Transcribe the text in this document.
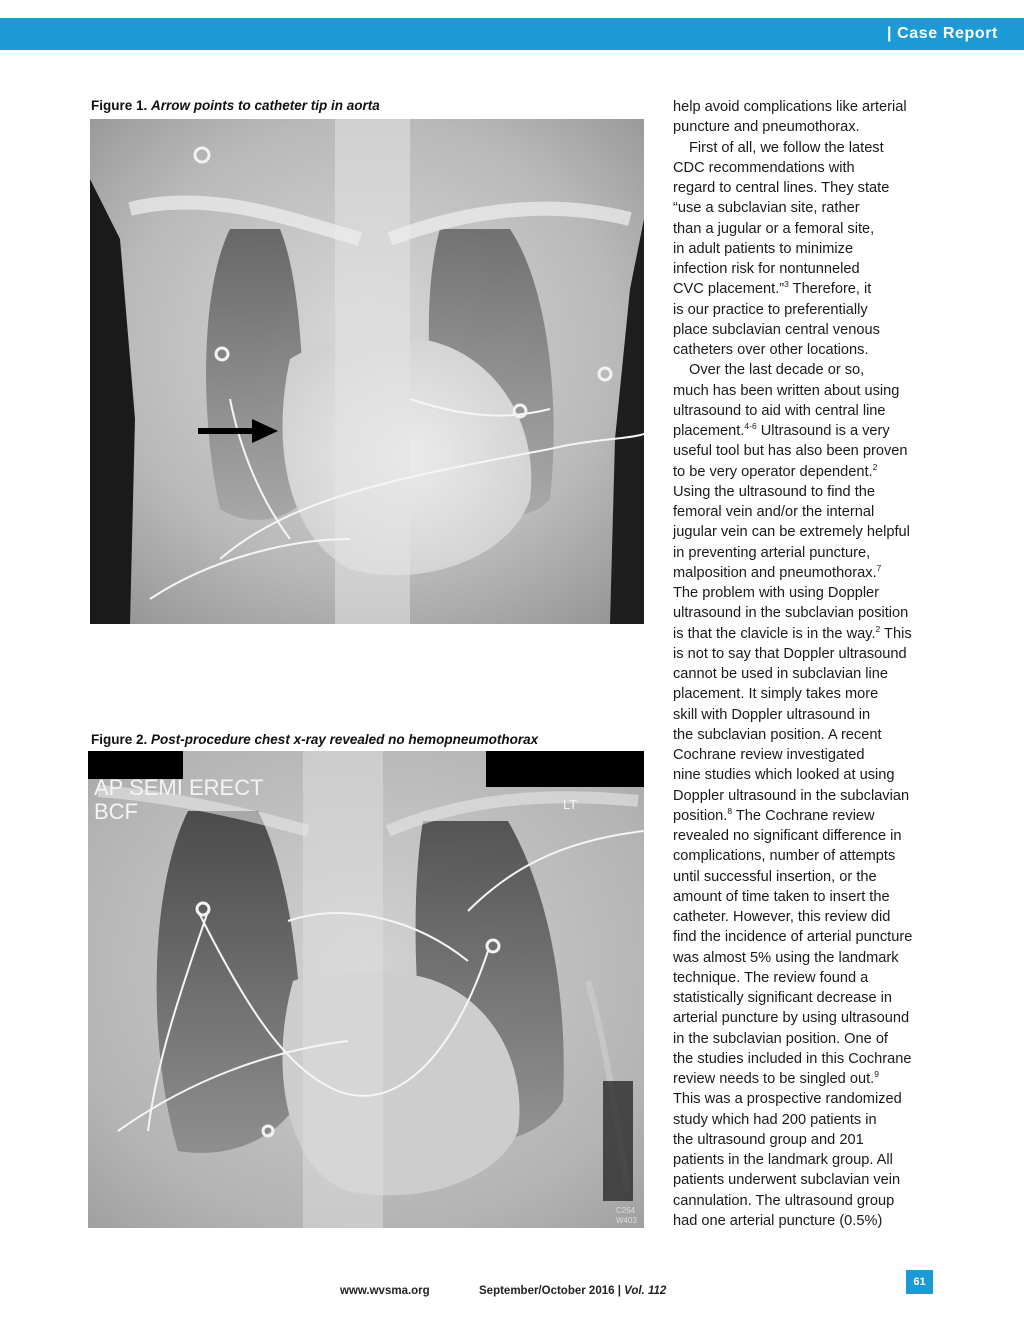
| Case Report
Figure 1. Arrow points to catheter tip in aorta
Figure 2. Post-procedure chest x-ray revealed no hemopneumothorax
AP SEMI ERECT
BCF	LT
C264
W403

help avoid complications like arterial

puncture and pneumothorax.

First of all, we follow the latest

CDC recommendations with

regard to central lines. They state

“use a subclavian site, rather

than a jugular or a femoral site,

in adult patients to minimize

infection risk for nontunneled

CVC placement.”$^3$ Therefore, it

is our practice to preferentially

place subclavian central venous

catheters over other locations.

Over the last decade or so,

much has been written about using

ultrasound to aid with central line

placement.$^{4-6}$ Ultrasound is a very

useful tool but has also been proven

to be very operator dependent.$^2$

Using the ultrasound to find the

femoral vein and/or the internal

jugular vein can be extremely helpful

in preventing arterial puncture,

malposition and pneumothorax.$^7$

The problem with using Doppler

ultrasound in the subclavian position

is that the clavicle is in the way.$^2$ This

is not to say that Doppler ultrasound

cannot be used in subclavian line

placement. It simply takes more

skill with Doppler ultrasound in

the subclavian position. A recent

Cochrane review investigated

nine studies which looked at using

Doppler ultrasound in the subclavian

position.$^8$ The Cochrane review

revealed no significant difference in

complications, number of attempts

until successful insertion, or the

amount of time taken to insert the

catheter. However, this review did

find the incidence of arterial puncture

was almost 5% using the landmark

technique. The review found a

statistically significant decrease in

arterial puncture by using ultrasound

in the subclavian position. One of

the studies included in this Cochrane

review needs to be singled out.$^9$

This was a prospective randomized

study which had 200 patients in

the ultrasound group and 201

patients in the landmark group. All

patients underwent subclavian vein

cannulation. The ultrasound group

had one arterial puncture (0.5%)

www.wvsma.org	September/October 2016 | Vol. 112
61
